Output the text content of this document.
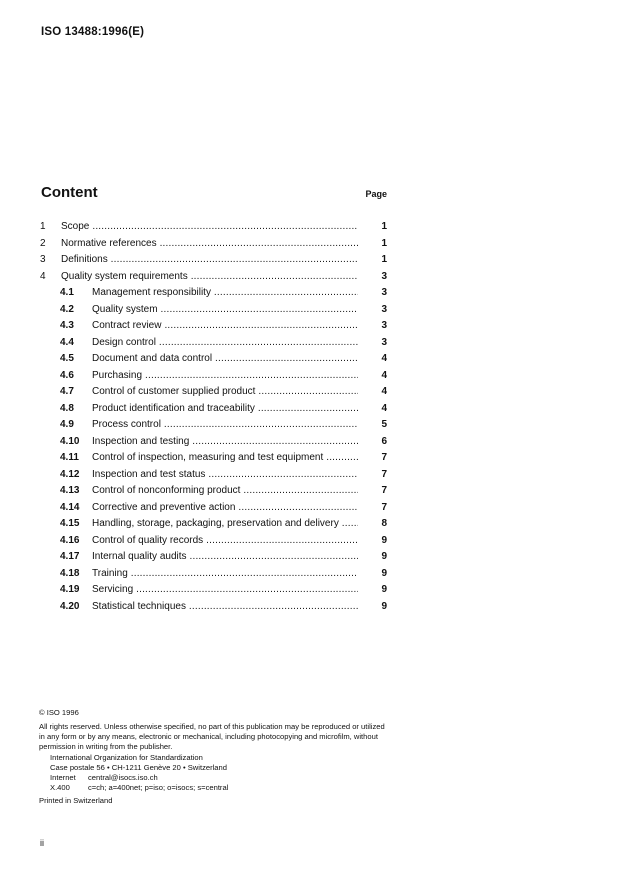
ISO 13488:1996(E)
Content	Page
1 Scope .....	1
2 Normative references .....	1
3 Definitions .....	1
4 Quality system requirements .....	3
4.1 Management responsibility .....	3
4.2 Quality system .....	3
4.3 Contract review .....	3
4.4 Design control .....	3
4.5 Document and data control .....	4
4.6 Purchasing .....	4
4.7 Control of customer supplied product .....	4
4.8 Product identification and traceability .....	4
4.9 Process control .....	5
4.10 Inspection and testing .....	6
4.11 Control of inspection, measuring and test equipment .....	7
4.12 Inspection and test status .....	7
4.13 Control of nonconforming product .....	7
4.14 Corrective and preventive action .....	7
4.15 Handling, storage, packaging, preservation and delivery .....	8
4.16 Control of quality records .....	9
4.17 Internal quality audits .....	9
4.18 Training .....	9
4.19 Servicing .....	9
4.20 Statistical techniques .....	9

© ISO 1996

All rights reserved. Unless otherwise specified, no part of this publication may be reproduced or utilized in any form or by any means, electronic or mechanical, including photocopying and microfilm, without permission in writing from the publisher.

International Organization for Standardization

Case postale 56 • CH-1211 Genève 20 • Switzerland

Internet central@isocs.iso.ch

X.400 c=ch; a=400net; p=iso; o=isocs; s=central

Printed in Switzerland

ii
